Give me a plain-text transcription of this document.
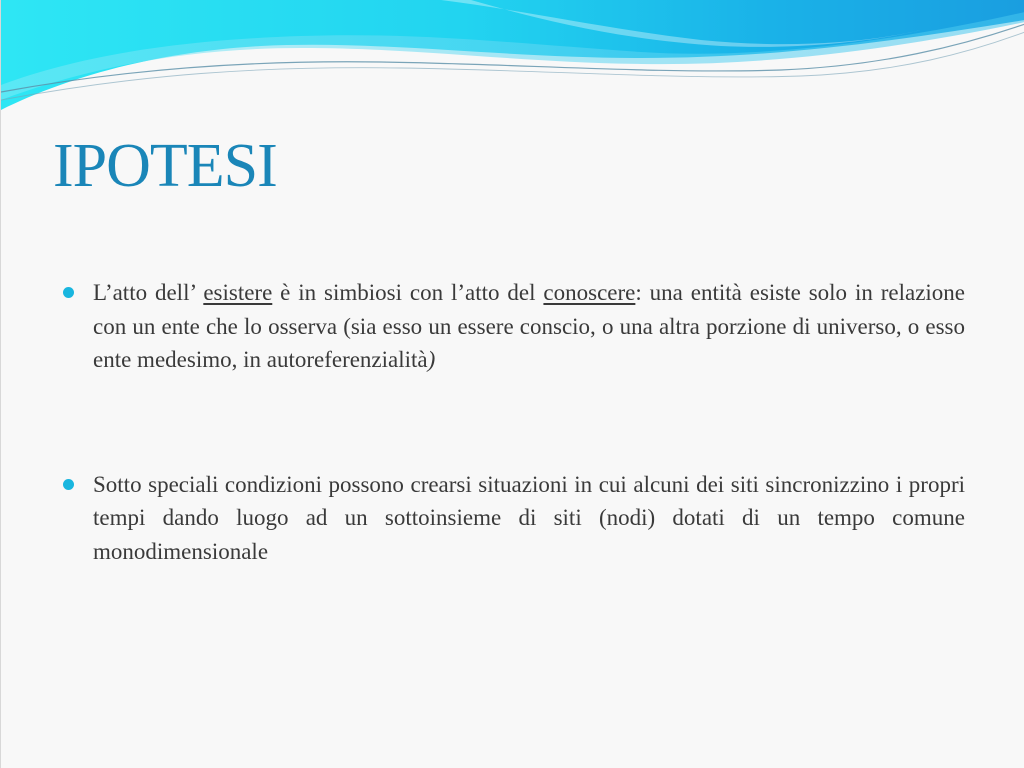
IPOTESI
L’atto dell’ esistere è in simbiosi con l’atto del conoscere: una entità esiste solo in relazione con un ente che lo osserva (sia esso un essere conscio, o una altra porzione di universo, o esso ente medesimo, in autoreferenzialità)
Sotto speciali condizioni possono crearsi situazioni in cui alcuni dei siti sincronizzino i propri tempi dando luogo ad un sottoinsieme di siti (nodi) dotati di un tempo comune monodimensionale
